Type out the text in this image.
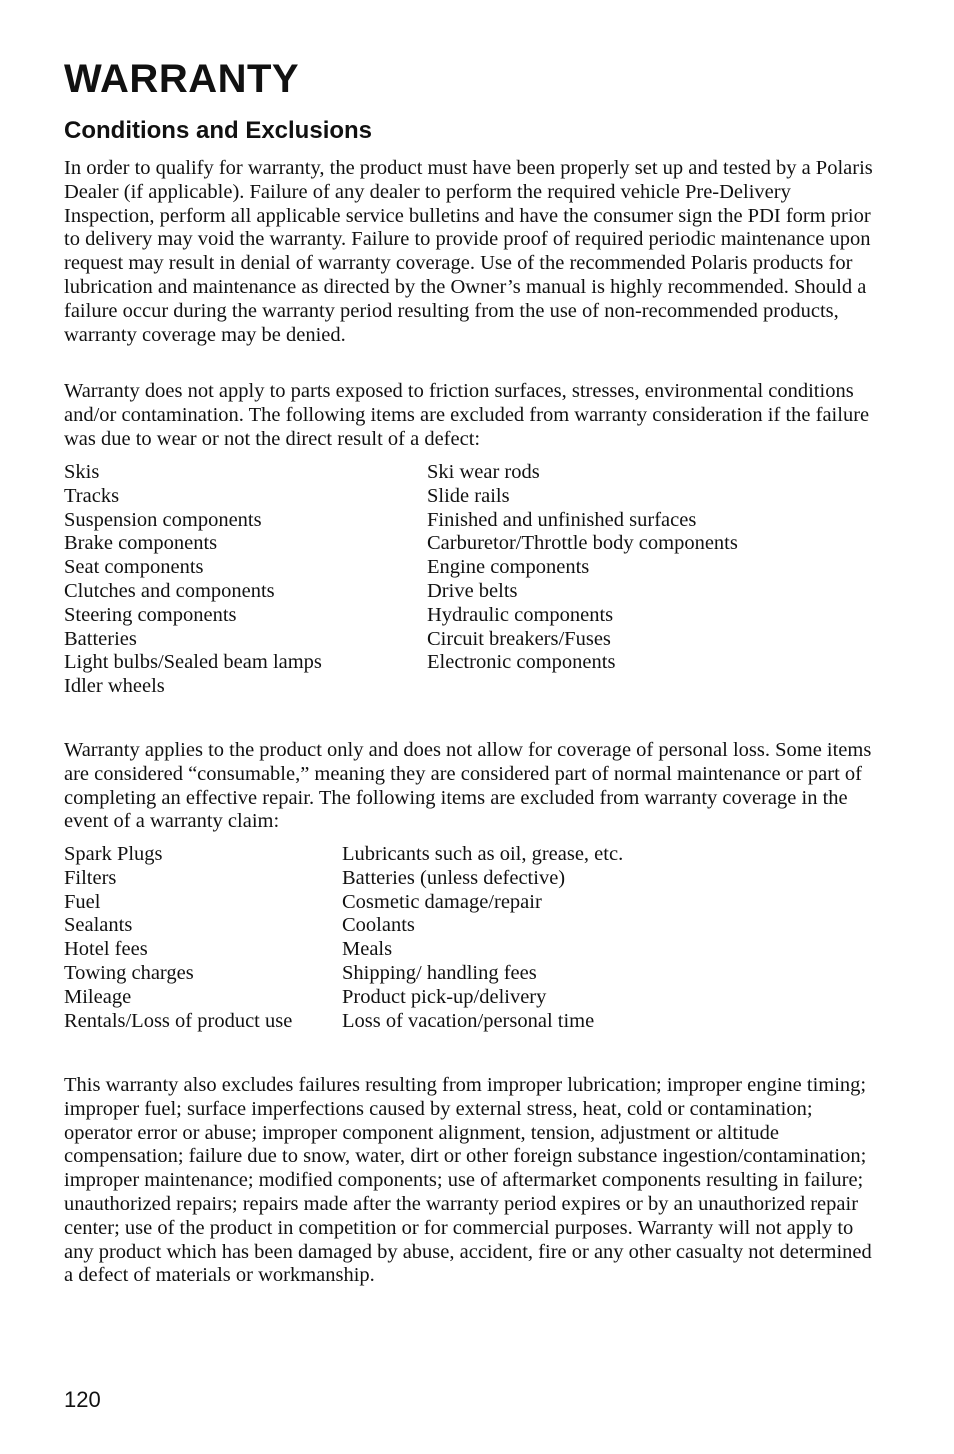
WARRANTY
Conditions and Exclusions

In order to qualify for warranty, the product must have been properly set up and tested by a Polaris Dealer (if applicable). Failure of any dealer to perform the required vehicle Pre-Delivery Inspection, perform all applicable service bulletins and have the consumer sign the PDI form prior to delivery may void the warranty. Failure to provide proof of required periodic maintenance upon request may result in denial of warranty coverage. Use of the recommended Polaris products for lubrication and maintenance as directed by the Owner’s manual is highly recommended. Should a failure occur during the warranty period resulting from the use of non-recommended products, warranty coverage may be denied.

Warranty does not apply to parts exposed to friction surfaces, stresses, environmental conditions and/or contamination. The following items are excluded from warranty consideration if the failure was due to wear or not the direct result of a defect:

Skis	Ski wear rods
Tracks	Slide rails
Suspension components	Finished and unfinished surfaces
Brake components	Carburetor/Throttle body components
Seat components	Engine components
Clutches and components	Drive belts
Steering components	Hydraulic components
Batteries	Circuit breakers/Fuses
Light bulbs/Sealed beam lamps	Electronic components
Idler wheels

Warranty applies to the product only and does not allow for coverage of personal loss. Some items are considered “consumable,” meaning they are considered part of normal maintenance or part of completing an effective repair. The following items are excluded from warranty coverage in the event of a warranty claim:

Spark Plugs	Lubricants such as oil, grease, etc.
Filters	Batteries (unless defective)
Fuel	Cosmetic damage/repair
Sealants	Coolants
Hotel fees	Meals
Towing charges	Shipping/ handling fees
Mileage	Product pick-up/delivery
Rentals/Loss of product use	Loss of vacation/personal time

This warranty also excludes failures resulting from improper lubrication; improper engine timing; improper fuel; surface imperfections caused by external stress, heat, cold or contamination; operator error or abuse; improper component alignment, tension, adjustment or altitude compensation; failure due to snow, water, dirt or other foreign substance ingestion/contamination; improper maintenance; modified components; use of aftermarket components resulting in failure; unauthorized repairs; repairs made after the warranty period expires or by an unauthorized repair center; use of the product in competition or for commercial purposes. Warranty will not apply to any product which has been damaged by abuse, accident, fire or any other casualty not determined a defect of materials or workmanship.

120
